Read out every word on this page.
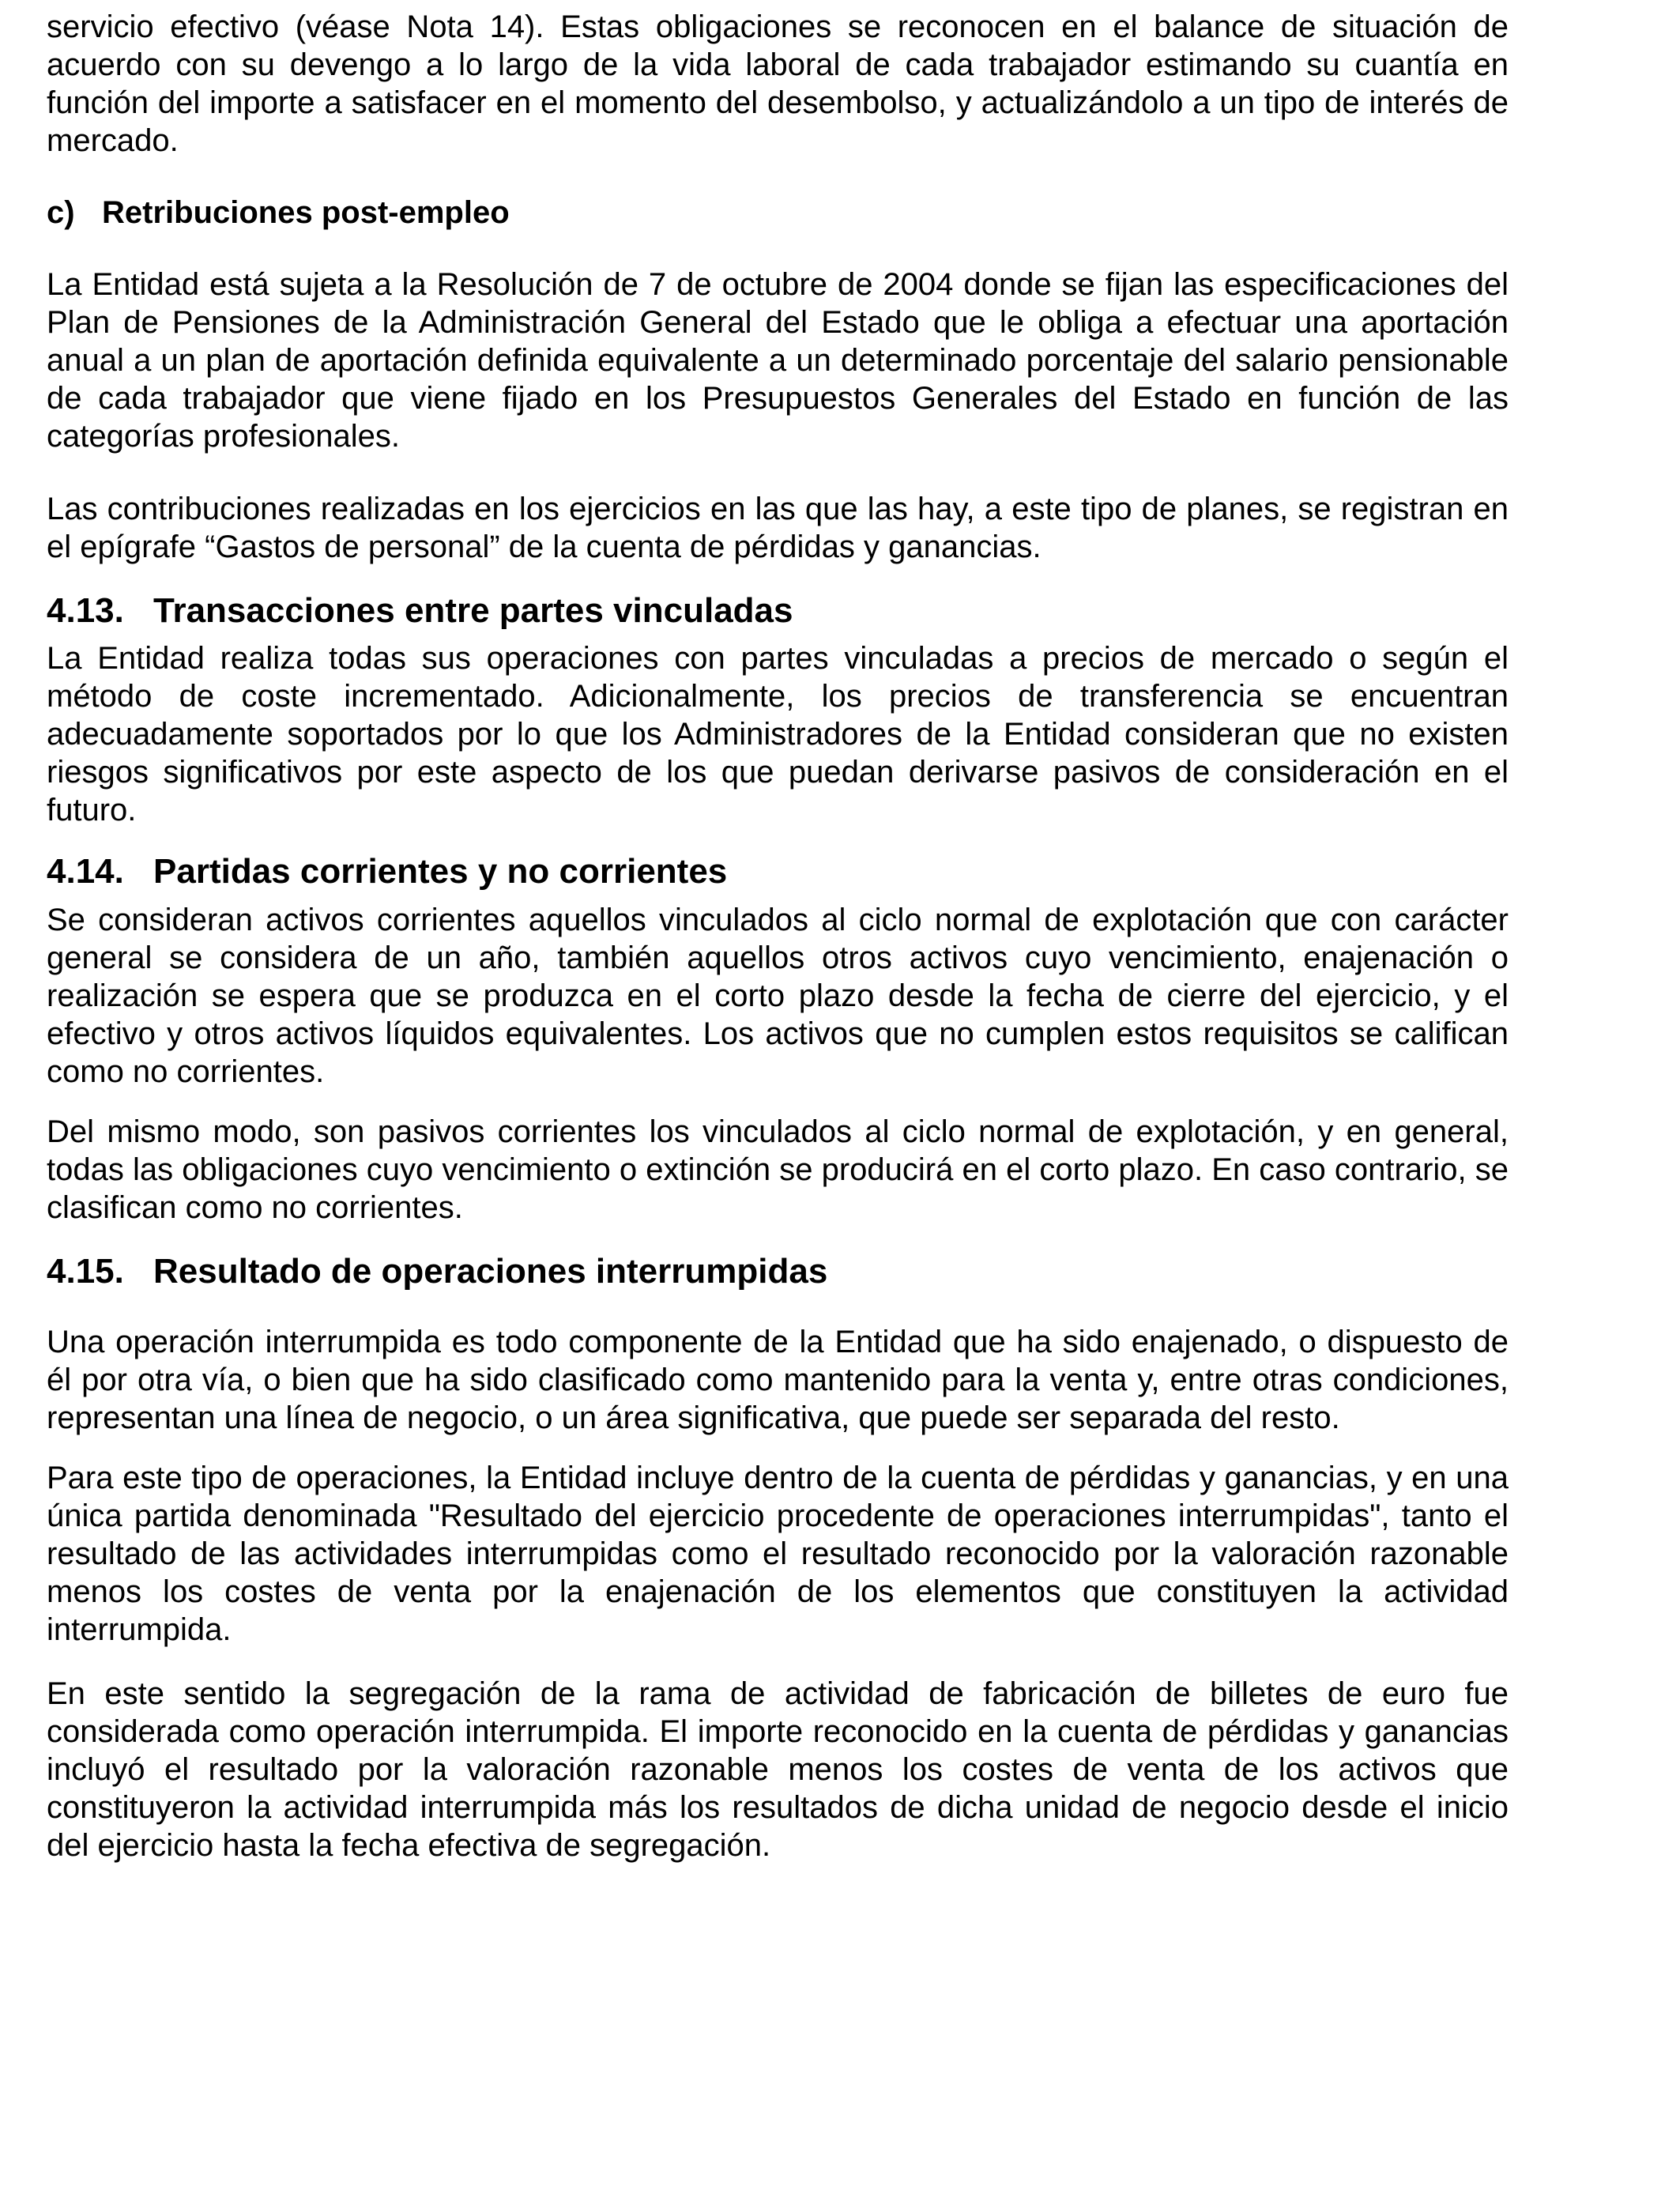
servicio efectivo (véase Nota 14). Estas obligaciones se reconocen en el balance de situación de acuerdo con su devengo a lo largo de la vida laboral de cada trabajador estimando su cuantía en función del importe a satisfacer en el momento del desembolso, y actualizándolo a un tipo de interés de mercado.

c) Retribuciones post-empleo

La Entidad está sujeta a la Resolución de 7 de octubre de 2004 donde se fijan las especificaciones del Plan de Pensiones de la Administración General del Estado que le obliga a efectuar una aportación anual a un plan de aportación definida equivalente a un determinado porcentaje del salario pensionable de cada trabajador que viene fijado en los Presupuestos Generales del Estado en función de las categorías profesionales.

Las contribuciones realizadas en los ejercicios en las que las hay, a este tipo de planes, se registran en el epígrafe “Gastos de personal” de la cuenta de pérdidas y ganancias.

4.13. Transacciones entre partes vinculadas

La Entidad realiza todas sus operaciones con partes vinculadas a precios de mercado o según el método de coste incrementado. Adicionalmente, los precios de transferencia se encuentran adecuadamente soportados por lo que los Administradores de la Entidad consideran que no existen riesgos significativos por este aspecto de los que puedan derivarse pasivos de consideración en el futuro.

4.14. Partidas corrientes y no corrientes

Se consideran activos corrientes aquellos vinculados al ciclo normal de explotación que con carácter general se considera de un año, también aquellos otros activos cuyo vencimiento, enajenación o realización se espera que se produzca en el corto plazo desde la fecha de cierre del ejercicio, y el efectivo y otros activos líquidos equivalentes. Los activos que no cumplen estos requisitos se califican como no corrientes.

Del mismo modo, son pasivos corrientes los vinculados al ciclo normal de explotación, y en general, todas las obligaciones cuyo vencimiento o extinción se producirá en el corto plazo. En caso contrario, se clasifican como no corrientes.

4.15. Resultado de operaciones interrumpidas

Una operación interrumpida es todo componente de la Entidad que ha sido enajenado, o dispuesto de él por otra vía, o bien que ha sido clasificado como mantenido para la venta y, entre otras condiciones, representan una línea de negocio, o un área significativa, que puede ser separada del resto.

Para este tipo de operaciones, la Entidad incluye dentro de la cuenta de pérdidas y ganancias, y en una única partida denominada "Resultado del ejercicio procedente de operaciones interrumpidas", tanto el resultado de las actividades interrumpidas como el resultado reconocido por la valoración razonable menos los costes de venta por la enajenación de los elementos que constituyen la actividad interrumpida.

En este sentido la segregación de la rama de actividad de fabricación de billetes de euro fue considerada como operación interrumpida. El importe reconocido en la cuenta de pérdidas y ganancias incluyó el resultado por la valoración razonable menos los costes de venta de los activos que constituyeron la actividad interrumpida más los resultados de dicha unidad de negocio desde el inicio del ejercicio hasta la fecha efectiva de segregación.
